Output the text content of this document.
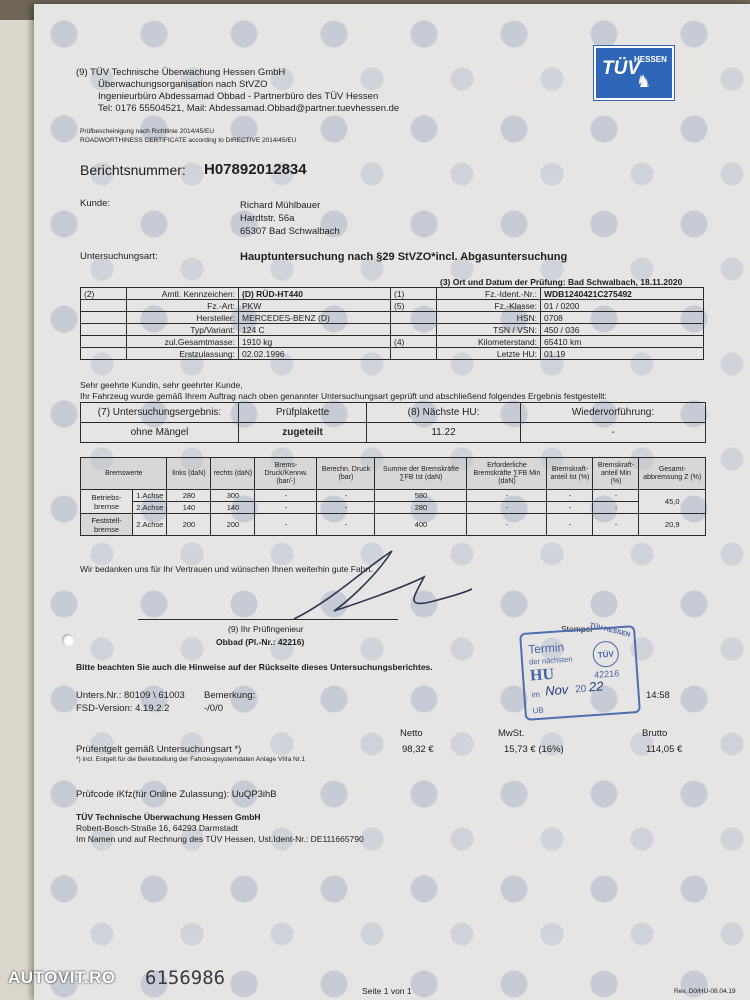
(9) TÜV Technische Überwachung Hessen GmbH
Überwachungsorganisation nach StVZO
Ingenieurbüro Abdessamad Obbad - Partnerbüro des TÜV Hessen
Tel: 0176 55504521, Mail: Abdessamad.Obbad@partner.tuevhessen.de
TÜV
HESSEN
♞
Prüfbescheinigung nach Richtlinie 2014/45/EU
ROADWORTHINESS CERTIFICATE according to DIRECTIVE 2014/45/EU
Berichtsnummer: H07892012834
Kunde:	Richard Mühlbauer
Hardtstr. 56a
65307 Bad Schwalbach
Untersuchungsart:	Hauptuntersuchung nach §29 StVZO*incl. Abgasuntersuchung
(3) Ort und Datum der Prüfung: Bad Schwalbach, 18.11.2020
(2)	Amtl. Kennzeichen:	(D) RÜD-HT440	(1)	Fz.-Ident.-Nr.:	WDB1240421C275492
	Fz.-Art:	PKW	(5)	Fz.-Klasse:	01 / 0200
	Hersteller:	MERCEDES-BENZ (D)		HSN:	0708
	Typ/Variant:	124 C		TSN / VSN:	450 / 036
	zul.Gesamtmasse:	1910 kg	(4)	Kilometerstand:	65410 km
	Erstzulassung:	02.02.1996		Letzte HU:	01.19
Sehr geehrte Kundin, sehr geehrter Kunde,
Ihr Fahrzeug wurde gemäß Ihrem Auftrag nach oben genannter Untersuchungsart geprüft und abschließend folgendes Ergebnis festgestellt:
(7) Untersuchungsergebnis:	Prüfplakette	(8) Nächste HU:	Wiedervorführung:
ohne Mängel	zugeteilt	11.22	-
Bremswerte		links (daN)	rechts (daN)	Brems-Druck/Kennw. (bar/-)	Berechn. Druck (bar)	Summe der Bremskräfte ∑FB Ist (daN)	Erforderliche Bremskräfte ∑FB Min (daN)	Bremskraft-anteil Ist (%)	Bremskraft-anteil Min (%)	Gesamt-abbremsung Z (%)
Betriebs-bremse	1.Achse	280	300	-	-	580	-	-	-	45,0
	2.Achse	140	140	-	-	280	-	-	-	
Feststell-bremse	2.Achse	200	200	-	-	400	-	-	-	20,9
Wir bedanken uns für Ihr Vertrauen und wünschen Ihnen weiterhin gute Fahrt.
(9) Ihr Prüfingenieur
Obbad (Pl.-Nr.: 42216)
Stempel
TÜV HESSEN
TÜV
Termin
der nächsten
HU	42216
im Nov 20 22
UB
Bitte beachten Sie auch die Hinweise auf der Rückseite dieses Untersuchungsberichtes.
Unters.Nr.: 80109 \ 61003
FSD-Version: 4.19.2.2
Bemerkung:
-/0/0
14:58
Netto	MwSt.	Brutto
Prüfentgelt gemäß Untersuchungsart *)	98,32 €	15,73 € (16%)	114,05 €
*) incl. Entgelt für die Bereitstellung der Fahrzeugsystemdaten Anlage VIIIa Nr.1
Prüfcode iKfz(für Online Zulassung): UuQP3ihB
TÜV Technische Überwachung Hessen GmbH
Robert-Bosch-Straße 16, 64293 Darmstadt
Im Namen und auf Rechnung des TÜV Hessen, Ust.Ident-Nr.: DE111665790
Seite 1 von 1	Rev. D0/HU-08.04.19
AUTOVIT.RO 6156986
